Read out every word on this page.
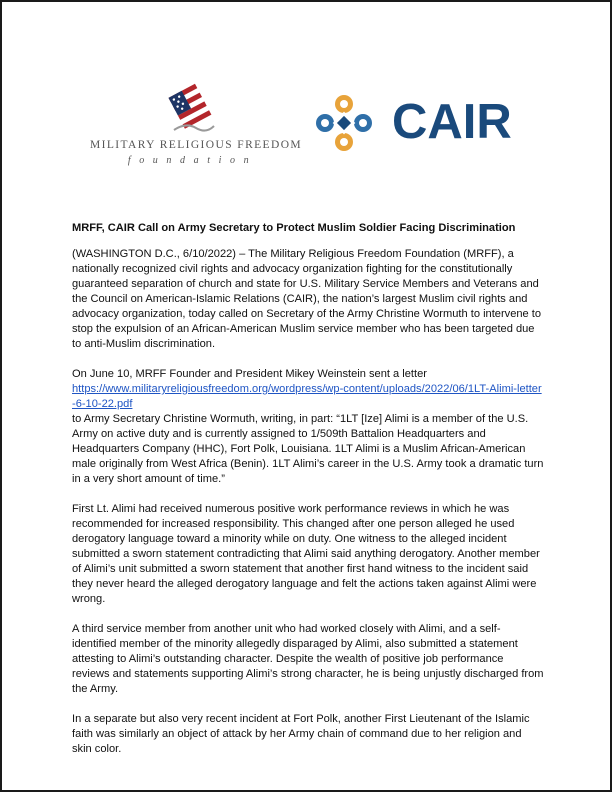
MILITARY RELIGIOUS FREEDOM
foundation
CAIR
MRFF, CAIR Call on Army Secretary to Protect Muslim Soldier Facing Discrimination

(WASHINGTON D.C., 6/10/2022) – The Military Religious Freedom Foundation (MRFF), a nationally recognized civil rights and advocacy organization fighting for the constitutionally guaranteed separation of church and state for U.S. Military Service Members and Veterans and the Council on American-Islamic Relations (CAIR), the nation’s largest Muslim civil rights and advocacy organization, today called on Secretary of the Army Christine Wormuth to intervene to stop the expulsion of an African-American Muslim service member who has been targeted due to anti-Muslim discrimination.

On June 10, MRFF Founder and President Mikey Weinstein sent a letter
https://www.militaryreligiousfreedom.org/wordpress/wp-content/uploads/2022/06/1LT-Alimi-letter-6-10-22.pdf
to Army Secretary Christine Wormuth, writing, in part: “1LT [Ize] Alimi is a member of the U.S. Army on active duty and is currently assigned to 1/509th Battalion Headquarters and Headquarters Company (HHC), Fort Polk, Louisiana. 1LT Alimi is a Muslim African-American male originally from West Africa (Benin). 1LT Alimi’s career in the U.S. Army took a dramatic turn in a very short amount of time.”

First Lt. Alimi had received numerous positive work performance reviews in which he was recommended for increased responsibility. This changed after one person alleged he used derogatory language toward a minority while on duty. One witness to the alleged incident submitted a sworn statement contradicting that Alimi said anything derogatory. Another member of Alimi’s unit submitted a sworn statement that another first hand witness to the incident said they never heard the alleged derogatory language and felt the actions taken against Alimi were wrong.

A third service member from another unit who had worked closely with Alimi, and a self-identified member of the minority allegedly disparaged by Alimi, also submitted a statement attesting to Alimi’s outstanding character. Despite the wealth of positive job performance reviews and statements supporting Alimi’s strong character, he is being unjustly discharged from the Army.

In a separate but also very recent incident at Fort Polk, another First Lieutenant of the Islamic faith was similarly an object of attack by her Army chain of command due to her religion and skin color.
